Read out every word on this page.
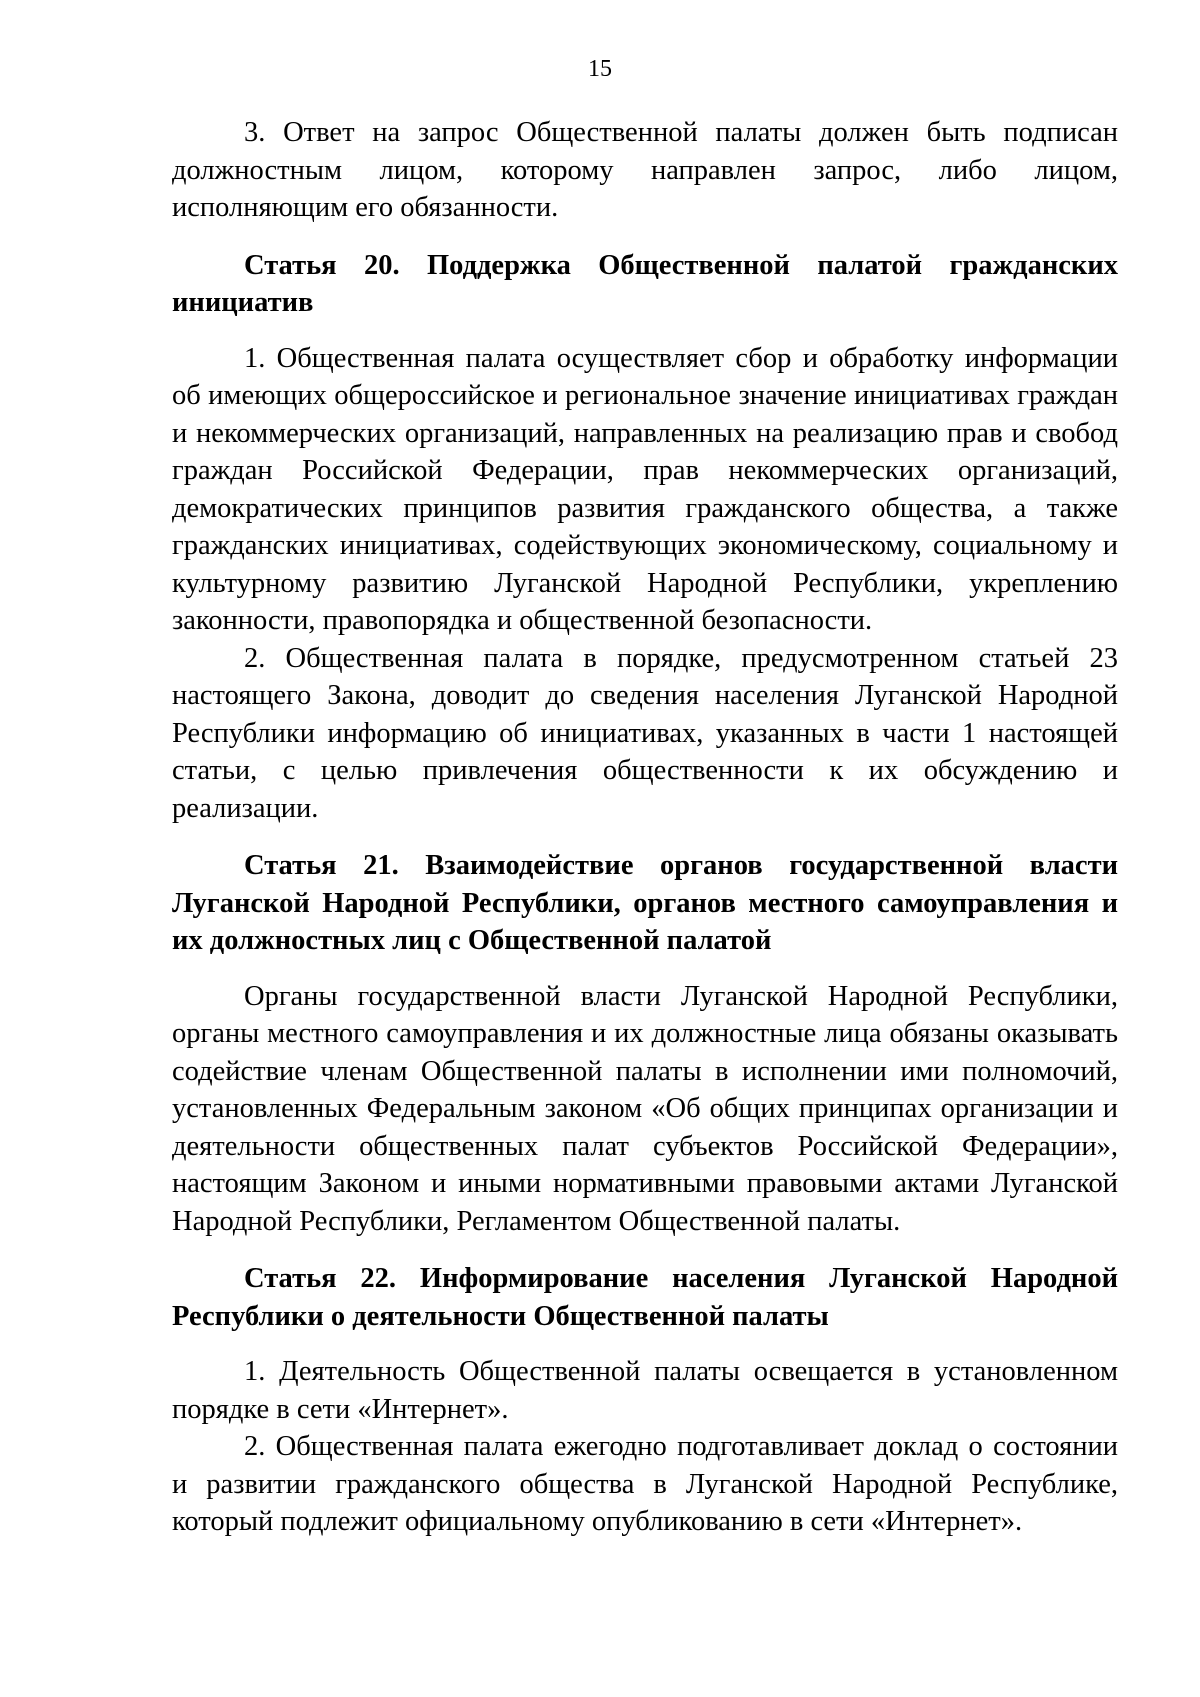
15

3. Ответ на запрос Общественной палаты должен быть подписан должностным лицом, которому направлен запрос, либо лицом, исполняющим его обязанности.

Статья 20. Поддержка Общественной палатой гражданских инициатив

1. Общественная палата осуществляет сбор и обработку информации об имеющих общероссийское и региональное значение инициативах граждан и некоммерческих организаций, направленных на реализацию прав и свобод граждан Российской Федерации, прав некоммерческих организаций, демократических принципов развития гражданского общества, а также гражданских инициативах, содействующих экономическому, социальному и культурному развитию Луганской Народной Республики, укреплению законности, правопорядка и общественной безопасности.

2. Общественная палата в порядке, предусмотренном статьей 23 настоящего Закона, доводит до сведения населения Луганской Народной Республики информацию об инициативах, указанных в части 1 настоящей статьи, с целью привлечения общественности к их обсуждению и реализации.

Статья 21. Взаимодействие органов государственной власти Луганской Народной Республики, органов местного самоуправления и их должностных лиц с Общественной палатой

Органы государственной власти Луганской Народной Республики, органы местного самоуправления и их должностные лица обязаны оказывать содействие членам Общественной палаты в исполнении ими полномочий, установленных Федеральным законом «Об общих принципах организации и деятельности общественных палат субъектов Российской Федерации», настоящим Законом и иными нормативными правовыми актами Луганской Народной Республики, Регламентом Общественной палаты.

Статья 22. Информирование населения Луганской Народной Республики о деятельности Общественной палаты

1. Деятельность Общественной палаты освещается в установленном порядке в сети «Интернет».

2. Общественная палата ежегодно подготавливает доклад о состоянии и развитии гражданского общества в Луганской Народной Республике, который подлежит официальному опубликованию в сети «Интернет».
